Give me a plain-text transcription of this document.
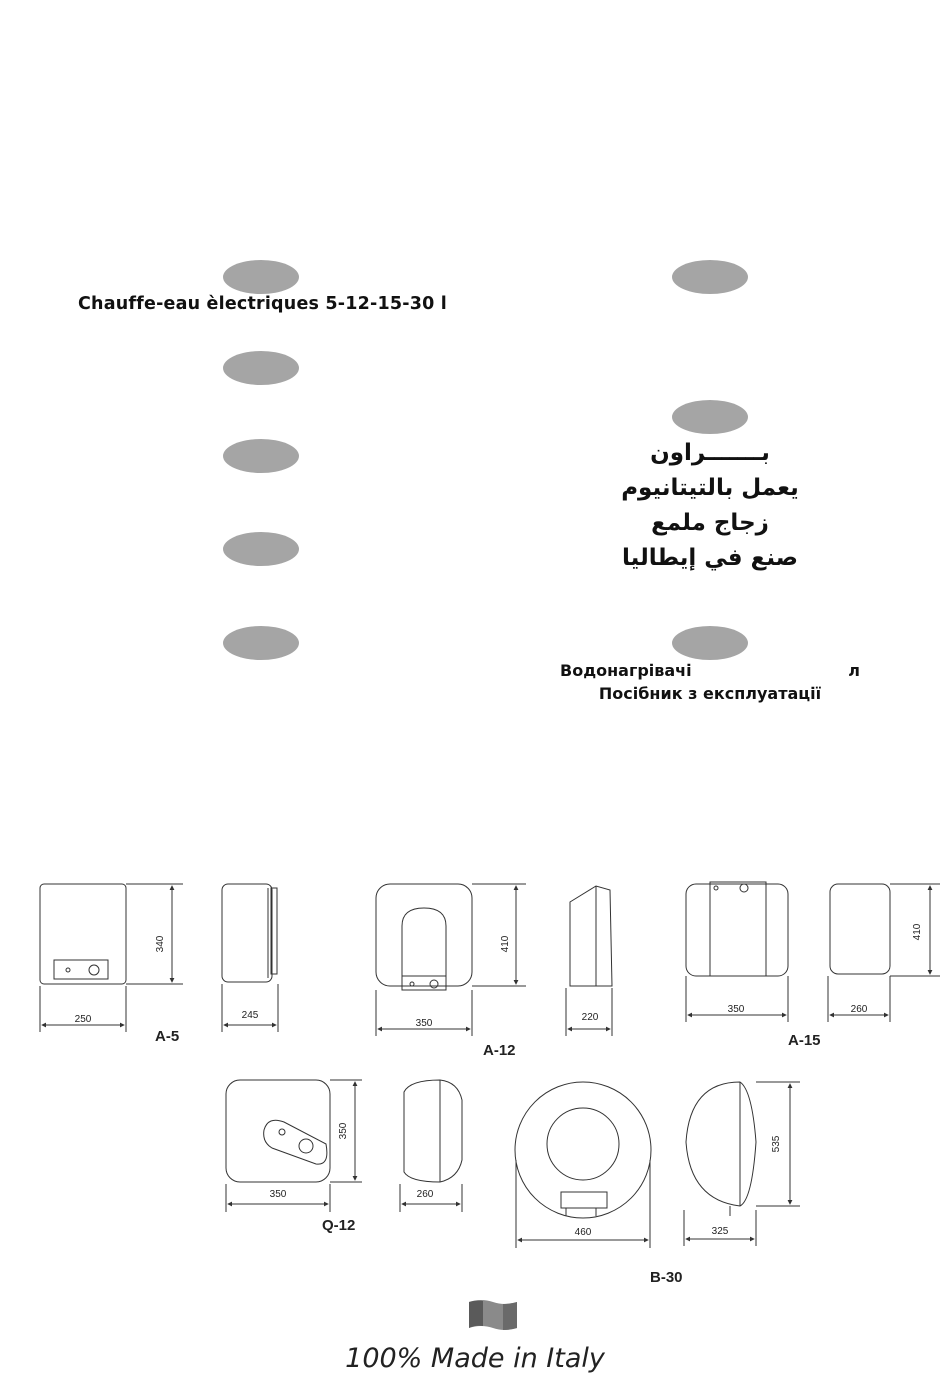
Chauffe-eau èlectriques 5-12-15-30 l
بـــــــراون
يعمل بالتيتانيوم
زجاج ملمع
صنع في إيطاليا
Водонагрівачі	л
Посібник з експлуатації
340
250	245
410
350
220
410
350	260
350
350	260
535
460	325
A-5
A-12
A-15
Q-12
B-30
100% Made in Italy
